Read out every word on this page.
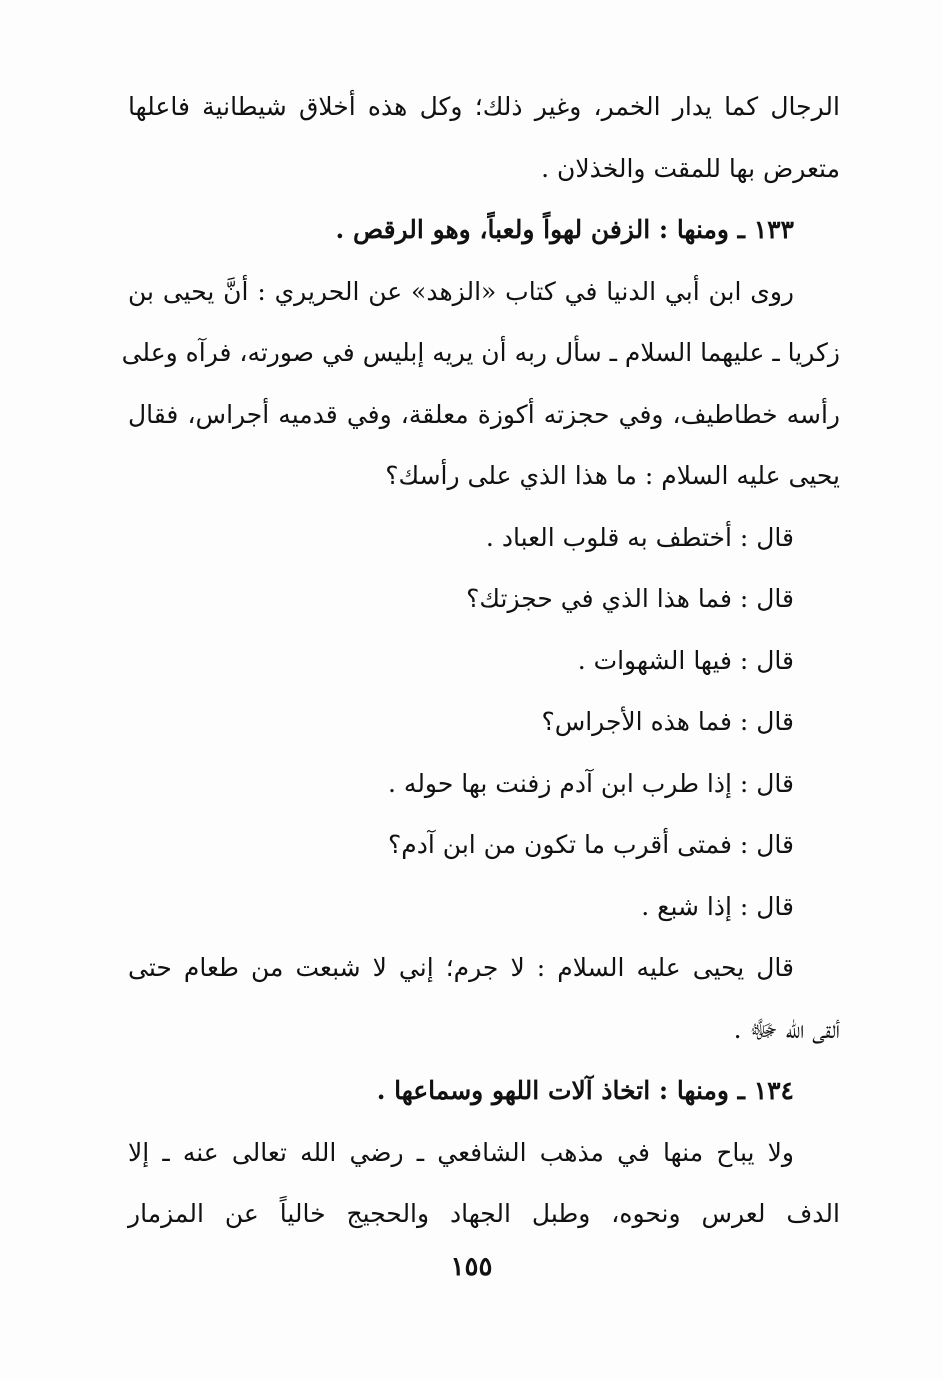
الرجال كما يدار الخمر، وغير ذلك؛ وكل هذه أخلاق شيطانية فاعلها
متعرض بها للمقت والخذلان .
١٣٣ ـ ومنها : الزفن لهواً ولعباً، وهو الرقص .
روى ابن أبي الدنيا في كتاب «الزهد» عن الحريري : أنَّ يحيى بن
زكريا ـ عليهما السلام ـ سأل ربه أن يريه إبليس في صورته، فرآه وعلى
رأسه خطاطيف، وفي حجزته أكوزة معلقة، وفي قدميه أجراس، فقال
يحيى عليه السلام : ما هذا الذي على رأسك؟
قال : أختطف به قلوب العباد .
قال : فما هذا الذي في حجزتك؟
قال : فيها الشهوات .
قال : فما هذه الأجراس؟
قال : إذا طرب ابن آدم زفنت بها حوله .
قال : فمتى أقرب ما تكون من ابن آدم؟
قال : إذا شبع .
قال يحيى عليه السلام : لا جرم؛ إني لا شبعت من طعام حتى
ألقى الله ﷻ .
١٣٤ ـ ومنها : اتخاذ آلات اللهو وسماعها .
ولا يباح منها في مذهب الشافعي ـ رضي الله تعالى عنه ـ إلا
الدف لعرس ونحوه، وطبل الجهاد والحجيج خالياً عن المزمار
١٥٥
